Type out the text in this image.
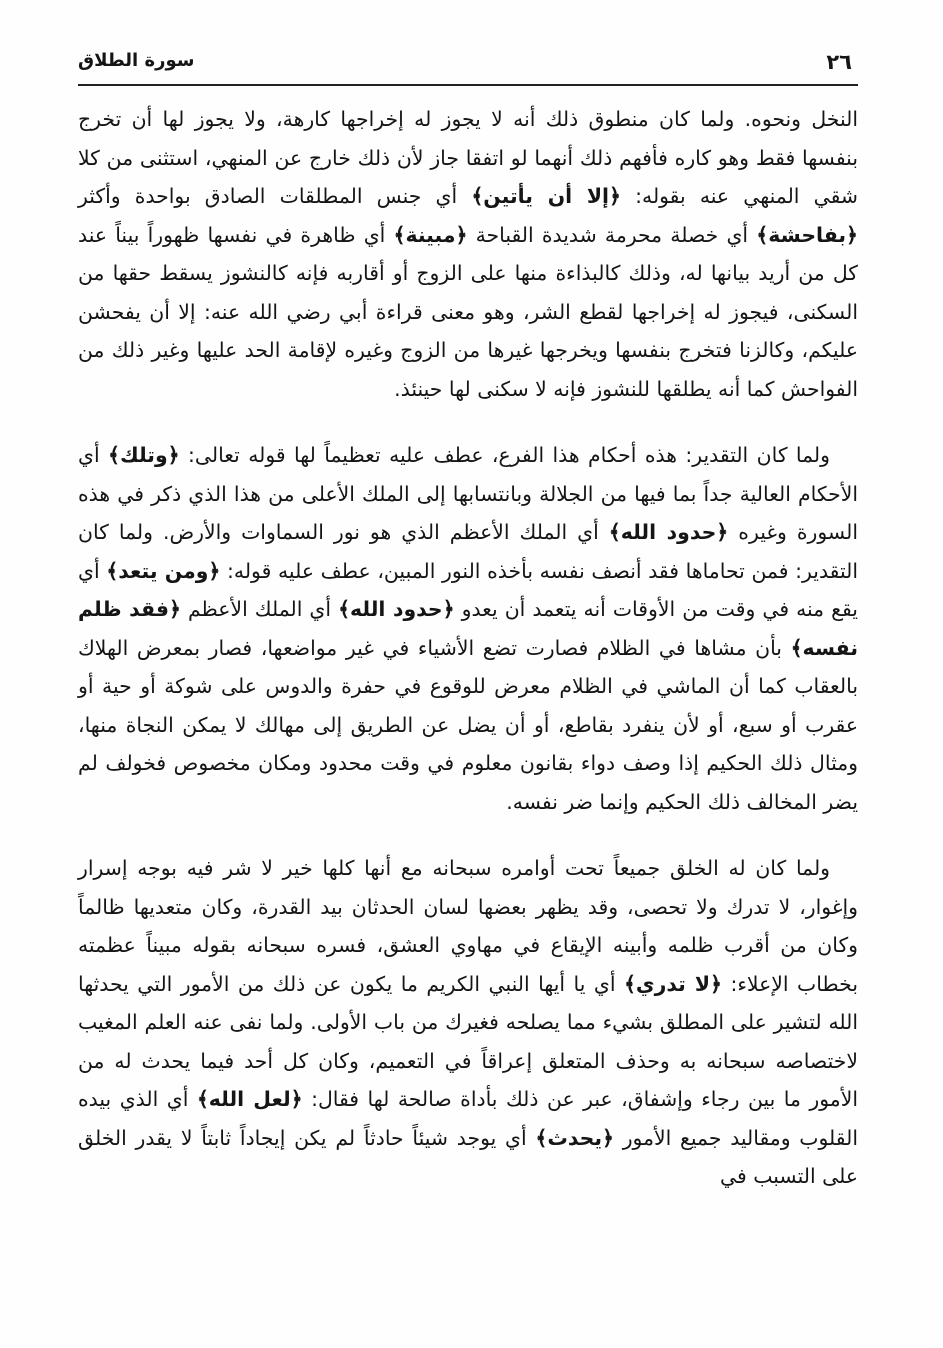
٢٦
سورة الطلاق

النخل ونحوه. ولما كان منطوق ذلك أنه لا يجوز له إخراجها كارهة، ولا يجوز لها أن تخرج بنفسها فقط وهو كاره فأفهم ذلك أنهما لو اتفقا جاز لأن ذلك خارج عن المنهي، استثنى من كلا شقي المنهي عنه بقوله: ﴿إلا أن يأتين﴾ أي جنس المطلقات الصادق بواحدة وأكثر ﴿بفاحشة﴾ أي خصلة محرمة شديدة القباحة ﴿مبينة﴾ أي ظاهرة في نفسها ظهوراً بيناً عند كل من أريد بيانها له، وذلك كالبذاءة منها على الزوج أو أقاربه فإنه كالنشوز يسقط حقها من السكنى، فيجوز له إخراجها لقطع الشر، وهو معنى قراءة أبي رضي الله عنه: إلا أن يفحشن عليكم، وكالزنا فتخرج بنفسها ويخرجها غيرها من الزوج وغيره لإقامة الحد عليها وغير ذلك من الفواحش كما أنه يطلقها للنشوز فإنه لا سكنى لها حينئذ.

ولما كان التقدير: هذه أحكام هذا الفرع، عطف عليه تعظيماً لها قوله تعالى: ﴿وتلك﴾ أي الأحكام العالية جداً بما فيها من الجلالة وبانتسابها إلى الملك الأعلى من هذا الذي ذكر في هذه السورة وغيره ﴿حدود الله﴾ أي الملك الأعظم الذي هو نور السماوات والأرض. ولما كان التقدير: فمن تحاماها فقد أنصف نفسه بأخذه النور المبين، عطف عليه قوله: ﴿ومن يتعد﴾ أي يقع منه في وقت من الأوقات أنه يتعمد أن يعدو ﴿حدود الله﴾ أي الملك الأعظم ﴿فقد ظلم نفسه﴾ بأن مشاها في الظلام فصارت تضع الأشياء في غير مواضعها، فصار بمعرض الهلاك بالعقاب كما أن الماشي في الظلام معرض للوقوع في حفرة والدوس على شوكة أو حية أو عقرب أو سبع، أو لأن ينفرد بقاطع، أو أن يضل عن الطريق إلى مهالك لا يمكن النجاة منها، ومثال ذلك الحكيم إذا وصف دواء بقانون معلوم في وقت محدود ومكان مخصوص فخولف لم يضر المخالف ذلك الحكيم وإنما ضر نفسه.

ولما كان له الخلق جميعاً تحت أوامره سبحانه مع أنها كلها خير لا شر فيه بوجه إسرار وإغوار، لا تدرك ولا تحصى، وقد يظهر بعضها لسان الحدثان بيد القدرة، وكان متعديها ظالماً وكان من أقرب ظلمه وأبينه الإيقاع في مهاوي العشق، فسره سبحانه بقوله مبيناً عظمته بخطاب الإعلاء: ﴿لا تدري﴾ أي يا أيها النبي الكريم ما يكون عن ذلك من الأمور التي يحدثها الله لتشير على المطلق بشيء مما يصلحه فغيرك من باب الأولى. ولما نفى عنه العلم المغيب لاختصاصه سبحانه به وحذف المتعلق إعراقاً في التعميم، وكان كل أحد فيما يحدث له من الأمور ما بين رجاء وإشفاق، عبر عن ذلك بأداة صالحة لها فقال: ﴿لعل الله﴾ أي الذي بيده القلوب ومقاليد جميع الأمور ﴿يحدث﴾ أي يوجد شيئاً حادثاً لم يكن إيجاداً ثابتاً لا يقدر الخلق على التسبب في
